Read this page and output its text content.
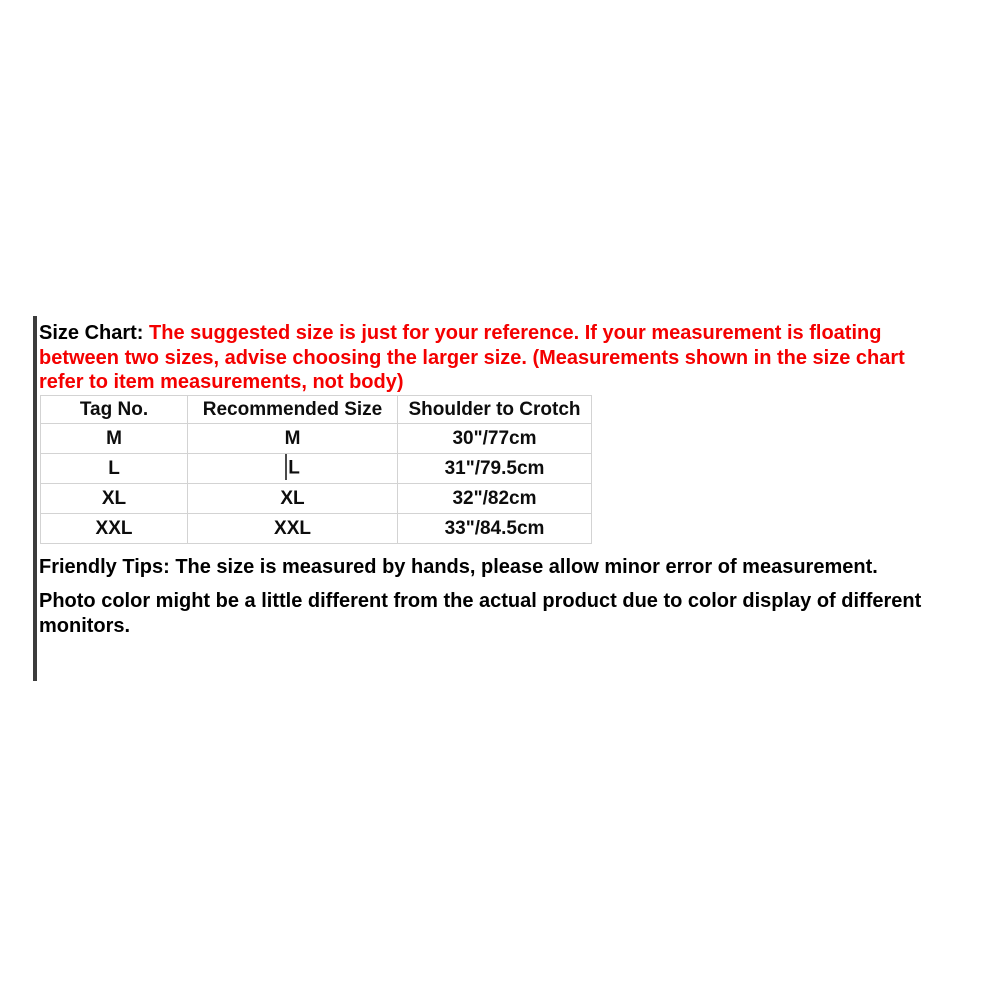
Size Chart: The suggested size is just for your reference. If your measurement is floating
between two sizes, advise choosing the larger size. (Measurements shown in the size chart
refer to item measurements, not body)
Tag No.	Recommended Size	Shoulder to Crotch
M	M	30"/77cm
L	L	31"/79.5cm
XL	XL	32"/82cm
XXL	XXL	33"/84.5cm
Friendly Tips: The size is measured by hands, please allow minor error of measurement.
Photo color might be a little different from the actual product due to color display of different
monitors.
